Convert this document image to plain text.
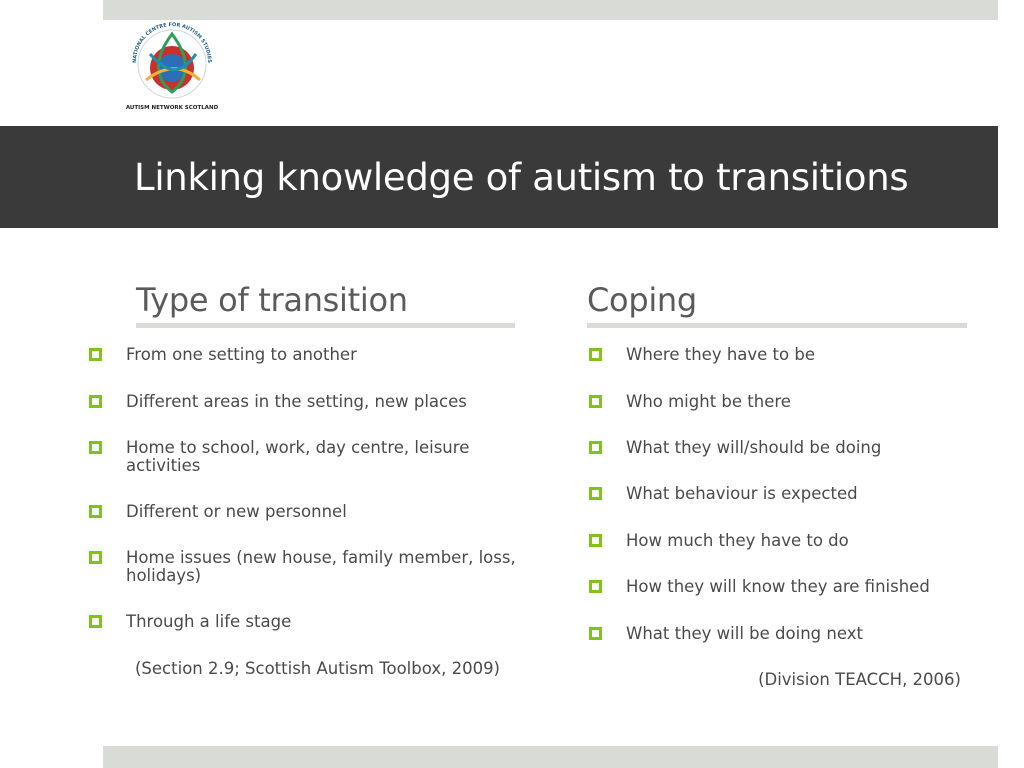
NATIONAL CENTRE FOR AUTISM STUDIES
AUTISM NETWORK SCOTLAND
Linking knowledge of autism to transitions
Type of transition	Coping
From one setting to another
Different areas in the setting, new places
Home to school, work, day centre, leisure activities
Different or new personnel
Home issues (new house, family member, loss, holidays)
Through a life stage
(Section 2.9; Scottish Autism Toolbox, 2009)
Where they have to be
Who might be there
What they will/should be doing
What behaviour is expected
How much they have to do
How they will know they are finished
What they will be doing next
(Division TEACCH, 2006)
